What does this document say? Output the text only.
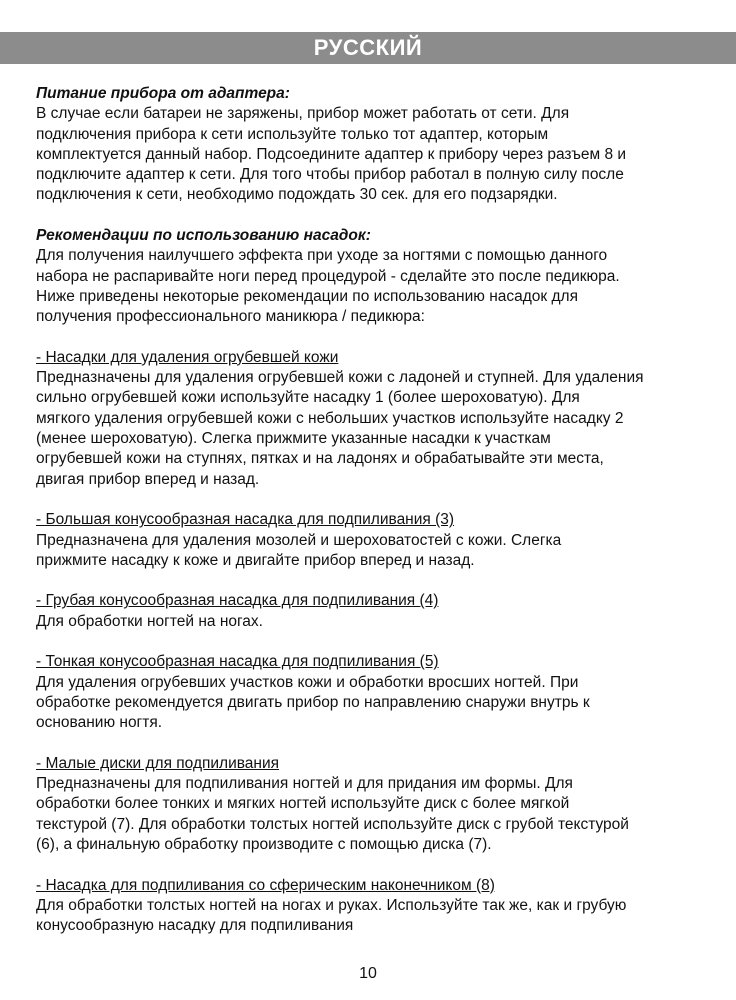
РУССКИЙ
Питание прибора от адаптера:
В случае если батареи не заряжены, прибор может работать от сети. Для
подключения прибора к сети используйте только тот адаптер, которым
комплектуется данный набор. Подсоедините адаптер к прибору через разъем 8 и
подключите адаптер к сети. Для того чтобы прибор работал в полную силу после
подключения к сети, необходимо подождать 30 сек. для его подзарядки.
Рекомендации по использованию насадок:
Для получения наилучшего эффекта при уходе за ногтями с помощью данного
набора не распаривайте ноги перед процедурой - сделайте это после педикюра.
Ниже приведены некоторые рекомендации по использованию насадок для
получения профессионального маникюра / педикюра:
- Насадки для удаления огрубевшей кожи
Предназначены для удаления огрубевшей кожи с ладоней и ступней. Для удаления
сильно огрубевшей кожи используйте насадку 1 (более шероховатую). Для
мягкого удаления огрубевшей кожи с небольших участков используйте насадку 2
(менее шероховатую). Слегка прижмите указанные насадки к участкам
огрубевшей кожи на ступнях, пятках и на ладонях и обрабатывайте эти места,
двигая прибор вперед и назад.
- Большая конусообразная насадка для подпиливания (3)
Предназначена для удаления мозолей и шероховатостей с кожи. Слегка
прижмите насадку к коже и двигайте прибор вперед и назад.
- Грубая конусообразная насадка для подпиливания (4)
Для обработки ногтей на ногах.
- Тонкая конусообразная насадка для подпиливания (5)
Для удаления огрубевших участков кожи и обработки вросших ногтей. При
обработке рекомендуется двигать прибор по направлению снаружи внутрь к
основанию ногтя.
- Малые диски для подпиливания
Предназначены для подпиливания ногтей и для придания им формы. Для
обработки более тонких и мягких ногтей используйте диск с более мягкой
текстурой (7). Для обработки толстых ногтей используйте диск с грубой текстурой
(6), а финальную обработку производите с помощью диска (7).
- Насадка для подпиливания со сферическим наконечником (8)
Для обработки толстых ногтей на ногах и руках. Используйте так же, как и грубую
конусообразную насадку для подпиливания
10
